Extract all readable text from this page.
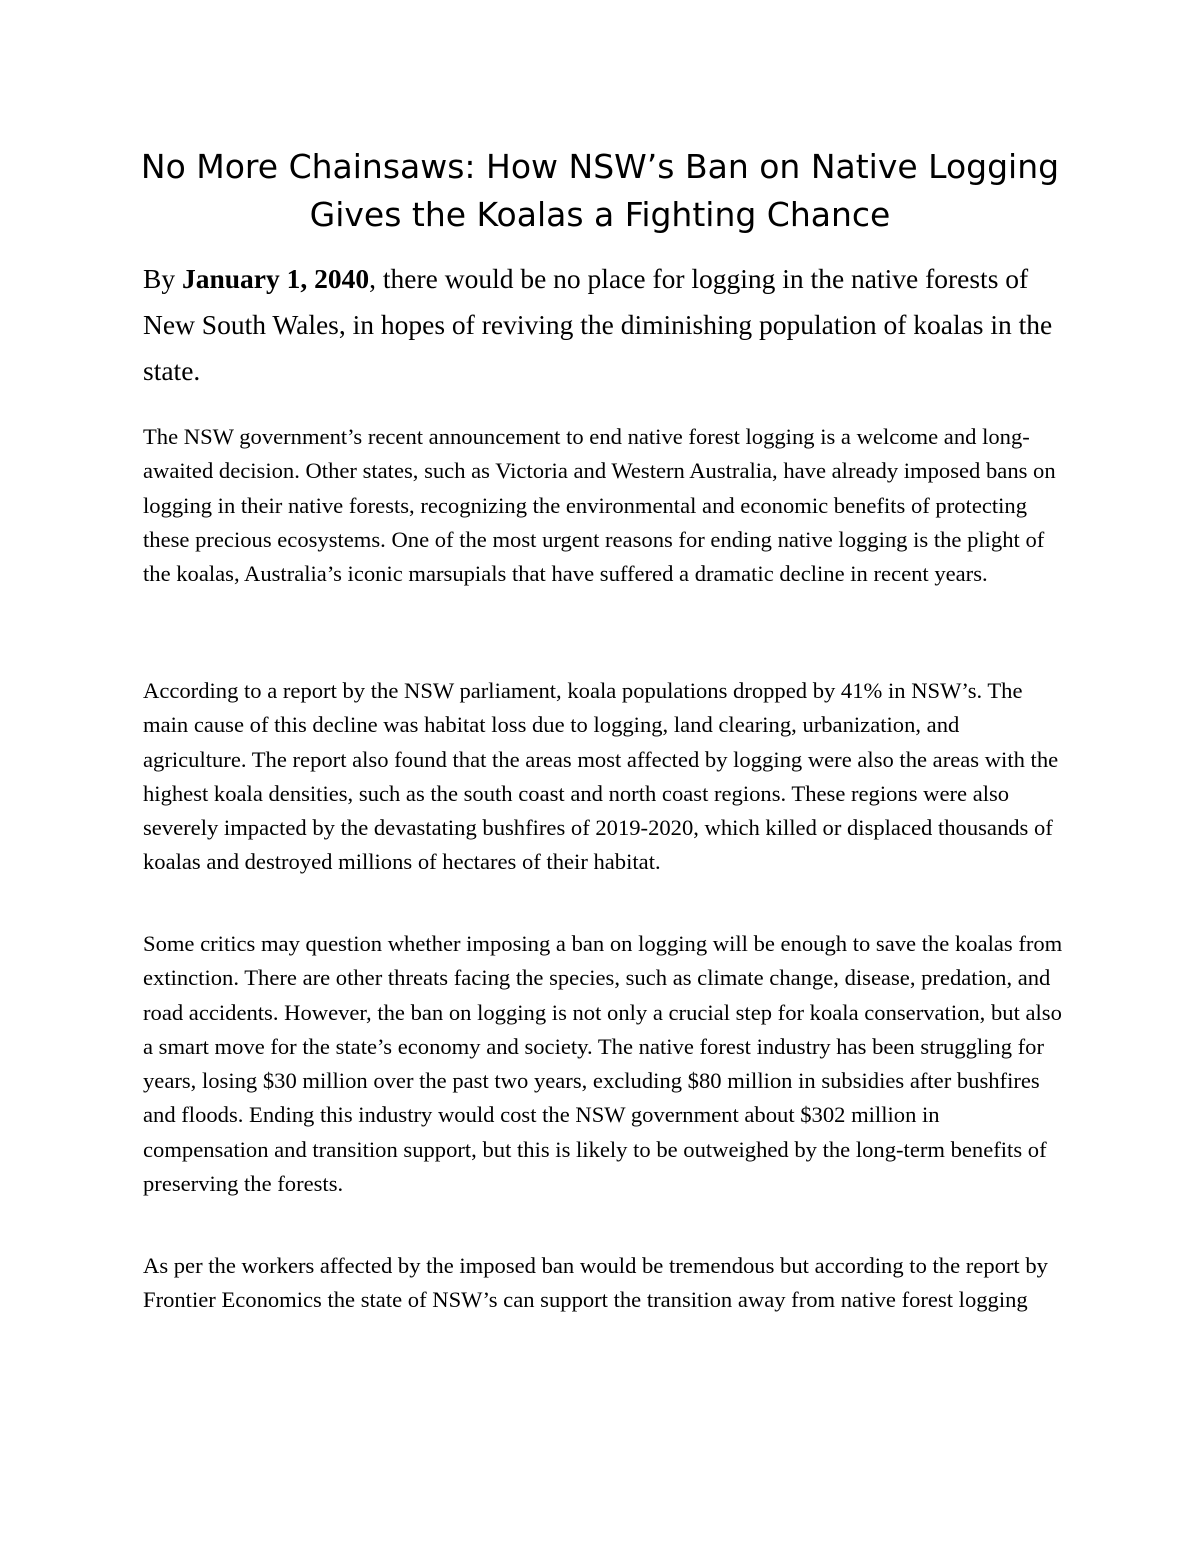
No More Chainsaws: How NSW’s Ban on Native Logging Gives the Koalas a Fighting Chance

By January 1, 2040, there would be no place for logging in the native forests of New South Wales, in hopes of reviving the diminishing population of koalas in the state.

The NSW government’s recent announcement to end native forest logging is a welcome and long-awaited decision. Other states, such as Victoria and Western Australia, have already imposed bans on logging in their native forests, recognizing the environmental and economic benefits of protecting these precious ecosystems. One of the most urgent reasons for ending native logging is the plight of the koalas, Australia’s iconic marsupials that have suffered a dramatic decline in recent years.

According to a report by the NSW parliament, koala populations dropped by 41% in NSW’s. The main cause of this decline was habitat loss due to logging, land clearing, urbanization, and agriculture. The report also found that the areas most affected by logging were also the areas with the highest koala densities, such as the south coast and north coast regions. These regions were also severely impacted by the devastating bushfires of 2019-2020, which killed or displaced thousands of koalas and destroyed millions of hectares of their habitat.

Some critics may question whether imposing a ban on logging will be enough to save the koalas from extinction. There are other threats facing the species, such as climate change, disease, predation, and road accidents. However, the ban on logging is not only a crucial step for koala conservation, but also a smart move for the state’s economy and society. The native forest industry has been struggling for years, losing $30 million over the past two years, excluding $80 million in subsidies after bushfires and floods. Ending this industry would cost the NSW government about $302 million in compensation and transition support, but this is likely to be outweighed by the long-term benefits of preserving the forests.

As per the workers affected by the imposed ban would be tremendous but according to the report by Frontier Economics the state of NSW’s can support the transition away from native forest logging
